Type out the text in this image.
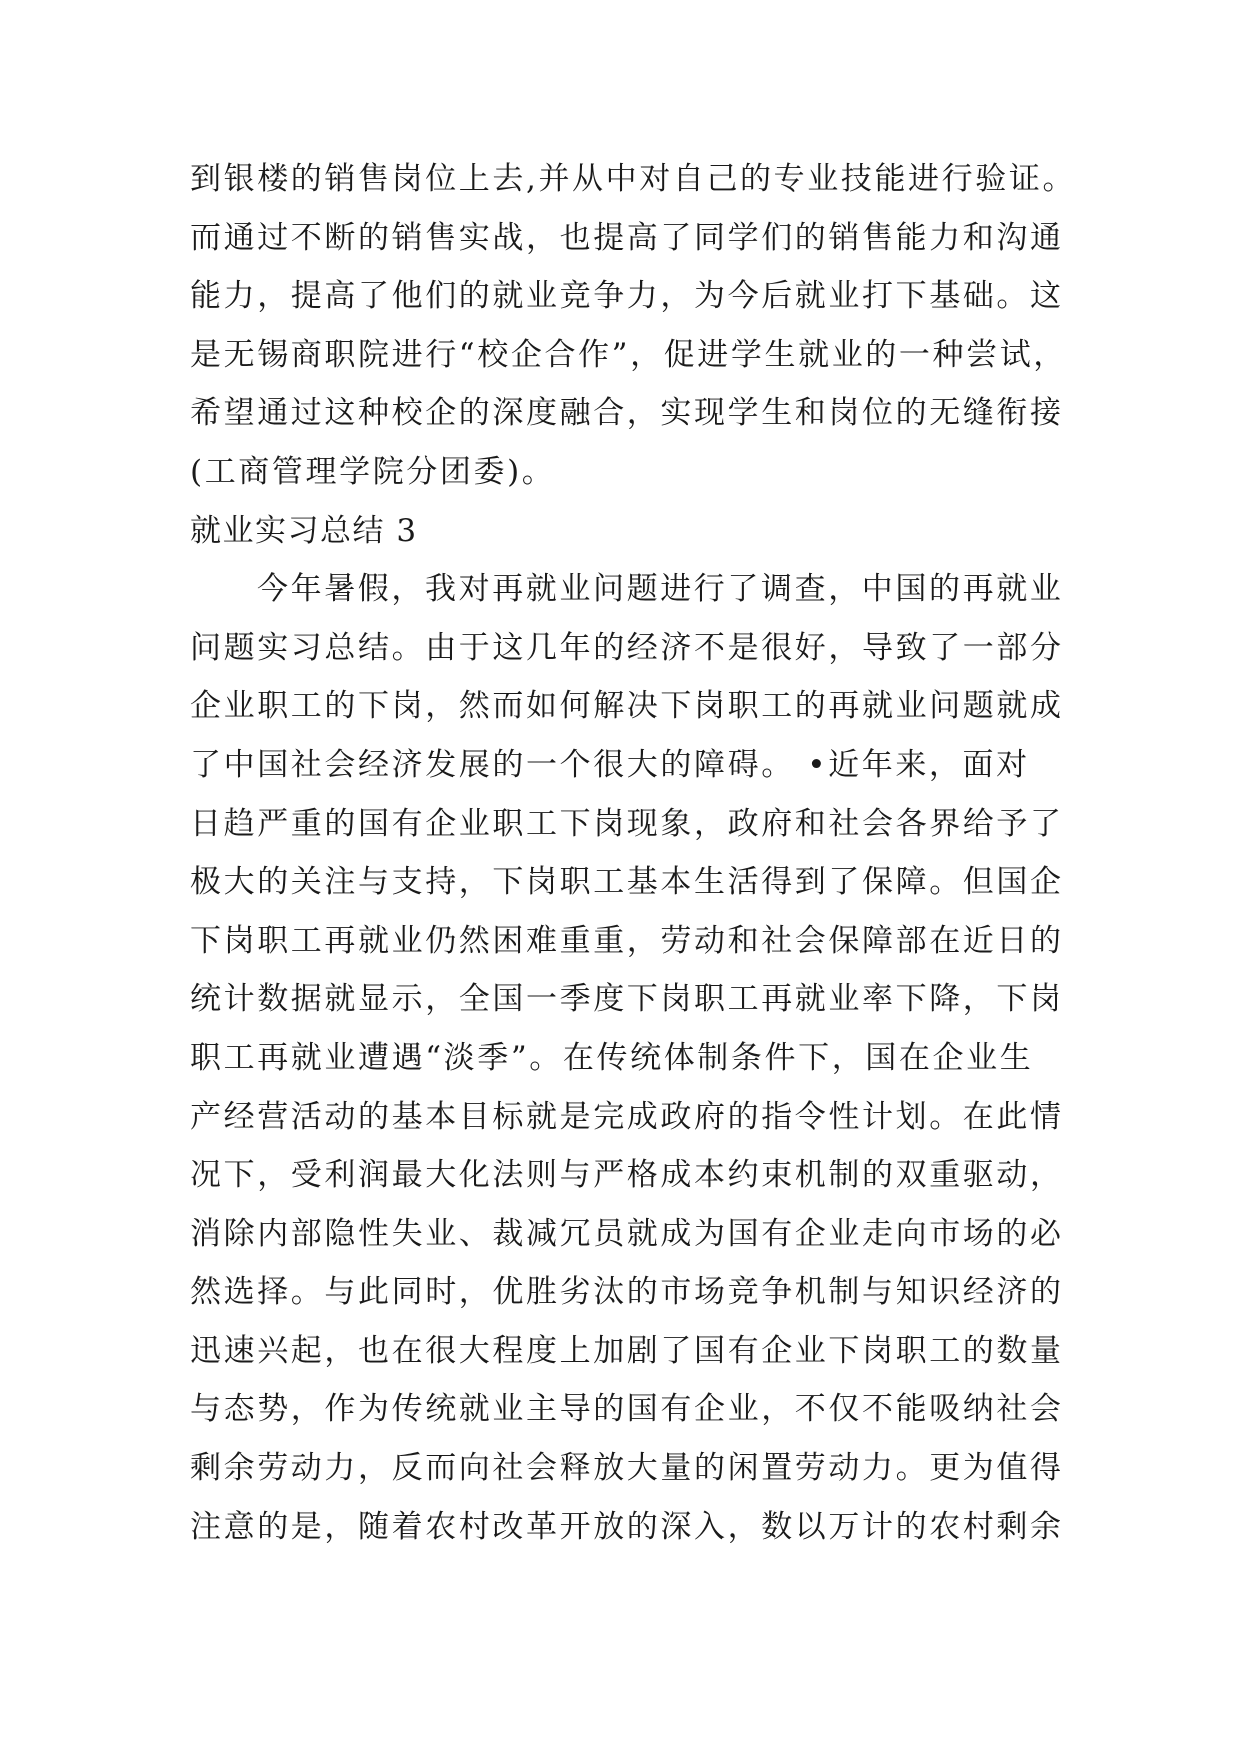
到银楼的销售岗位上去,并从中对自己的专业技能进行验证。
而通过不断的销售实战，也提高了同学们的销售能力和沟通
能力，提高了他们的就业竞争力，为今后就业打下基础。这
是无锡商职院进行“校企合作”，促进学生就业的一种尝试，
希望通过这种校企的深度融合，实现学生和岗位的无缝衔接
(工商管理学院分团委)。
就业实习总结 3
今年暑假，我对再就业问题进行了调查，中国的再就业
问题实习总结。由于这几年的经济不是很好，导致了一部分
企业职工的下岗，然而如何解决下岗职工的再就业问题就成
了中国社会经济发展的一个很大的障碍。 •近年来，面对
日趋严重的国有企业职工下岗现象，政府和社会各界给予了
极大的关注与支持，下岗职工基本生活得到了保障。但国企
下岗职工再就业仍然困难重重，劳动和社会保障部在近日的
统计数据就显示，全国一季度下岗职工再就业率下降，下岗
职工再就业遭遇“淡季”。在传统体制条件下，国在企业生
产经营活动的基本目标就是完成政府的指令性计划。在此情
况下，受利润最大化法则与严格成本约束机制的双重驱动，
消除内部隐性失业、裁减冗员就成为国有企业走向市场的必
然选择。与此同时，优胜劣汰的市场竞争机制与知识经济的
迅速兴起，也在很大程度上加剧了国有企业下岗职工的数量
与态势，作为传统就业主导的国有企业，不仅不能吸纳社会
剩余劳动力，反而向社会释放大量的闲置劳动力。更为值得
注意的是，随着农村改革开放的深入，数以万计的农村剩余
